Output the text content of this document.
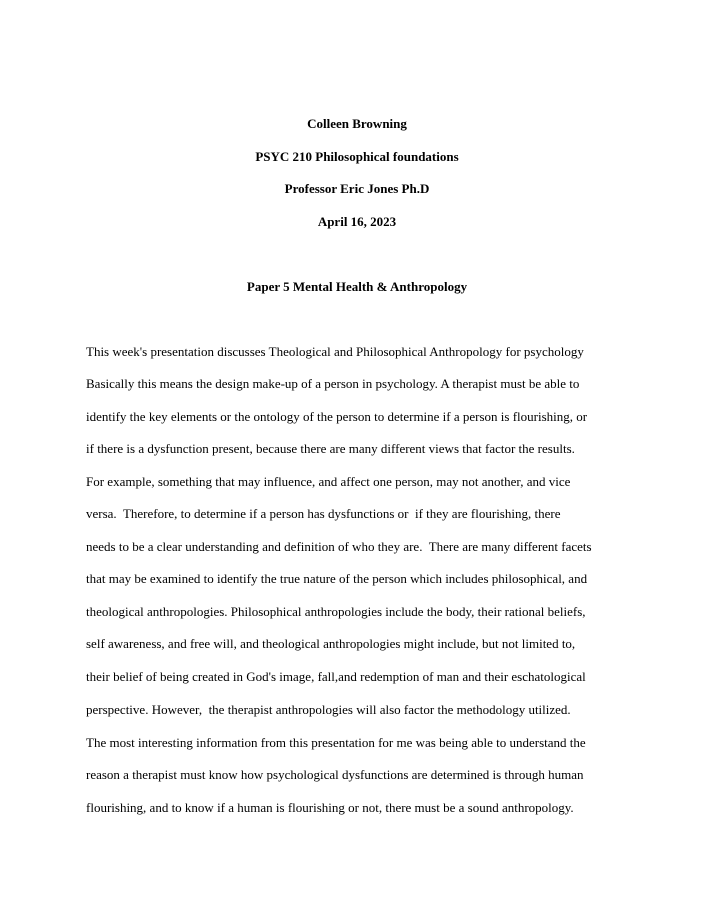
Colleen Browning
PSYC 210 Philosophical foundations
Professor Eric Jones Ph.D
April 16, 2023
Paper 5 Mental Health & Anthropology
This week's presentation discusses Theological and Philosophical Anthropology for psychology
Basically this means the design make-up of a person in psychology. A therapist must be able to
identify the key elements or the ontology of the person to determine if a person is flourishing, or
if there is a dysfunction present, because there are many different views that factor the results.
For example, something that may influence, and affect one person, may not another, and vice
versa.  Therefore, to determine if a person has dysfunctions or  if they are flourishing, there
needs to be a clear understanding and definition of who they are.  There are many different facets
that may be examined to identify the true nature of the person which includes philosophical, and
theological anthropologies. Philosophical anthropologies include the body, their rational beliefs,
self awareness, and free will, and theological anthropologies might include, but not limited to,
their belief of being created in God's image, fall,and redemption of man and their eschatological
perspective. However,  the therapist anthropologies will also factor the methodology utilized.
The most interesting information from this presentation for me was being able to understand the
reason a therapist must know how psychological dysfunctions are determined is through human
flourishing, and to know if a human is flourishing or not, there must be a sound anthropology.
